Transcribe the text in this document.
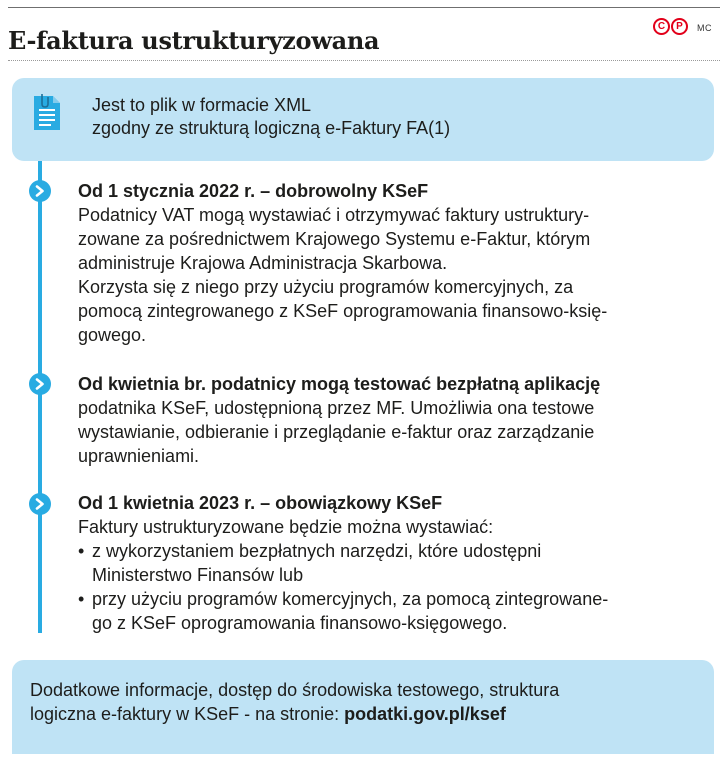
E-faktura ustrukturyzowana	C	P	MC
Jest to plik w formacie XML
zgodny ze strukturą logiczną e-Faktury FA(1)
Od 1 stycznia 2022 r. – dobrowolny KSeF
Podatnicy VAT mogą wystawiać i otrzymywać faktury ustruktury-
zowane za pośrednictwem Krajowego Systemu e-Faktur, którym
administruje Krajowa Administracja Skarbowa.
Korzysta się z niego przy użyciu programów komercyjnych, za
pomocą zintegrowanego z KSeF oprogramowania finansowo-księ-
gowego.
Od kwietnia br. podatnicy mogą testować bezpłatną aplikację
podatnika KSeF, udostępnioną przez MF. Umożliwia ona testowe
wystawianie, odbieranie i przeglądanie e-faktur oraz zarządzanie
uprawnieniami.
Od 1 kwietnia 2023 r. – obowiązkowy KSeF
Faktury ustrukturyzowane będzie można wystawiać:
• z wykorzystaniem bezpłatnych narzędzi, które udostępni
Ministerstwo Finansów lub
• przy użyciu programów komercyjnych, za pomocą zintegrowane-
go z KSeF oprogramowania finansowo-księgowego.
Dodatkowe informacje, dostęp do środowiska testowego, struktura
logiczna e-faktury w KSeF - na stronie: podatki.gov.pl/ksef
